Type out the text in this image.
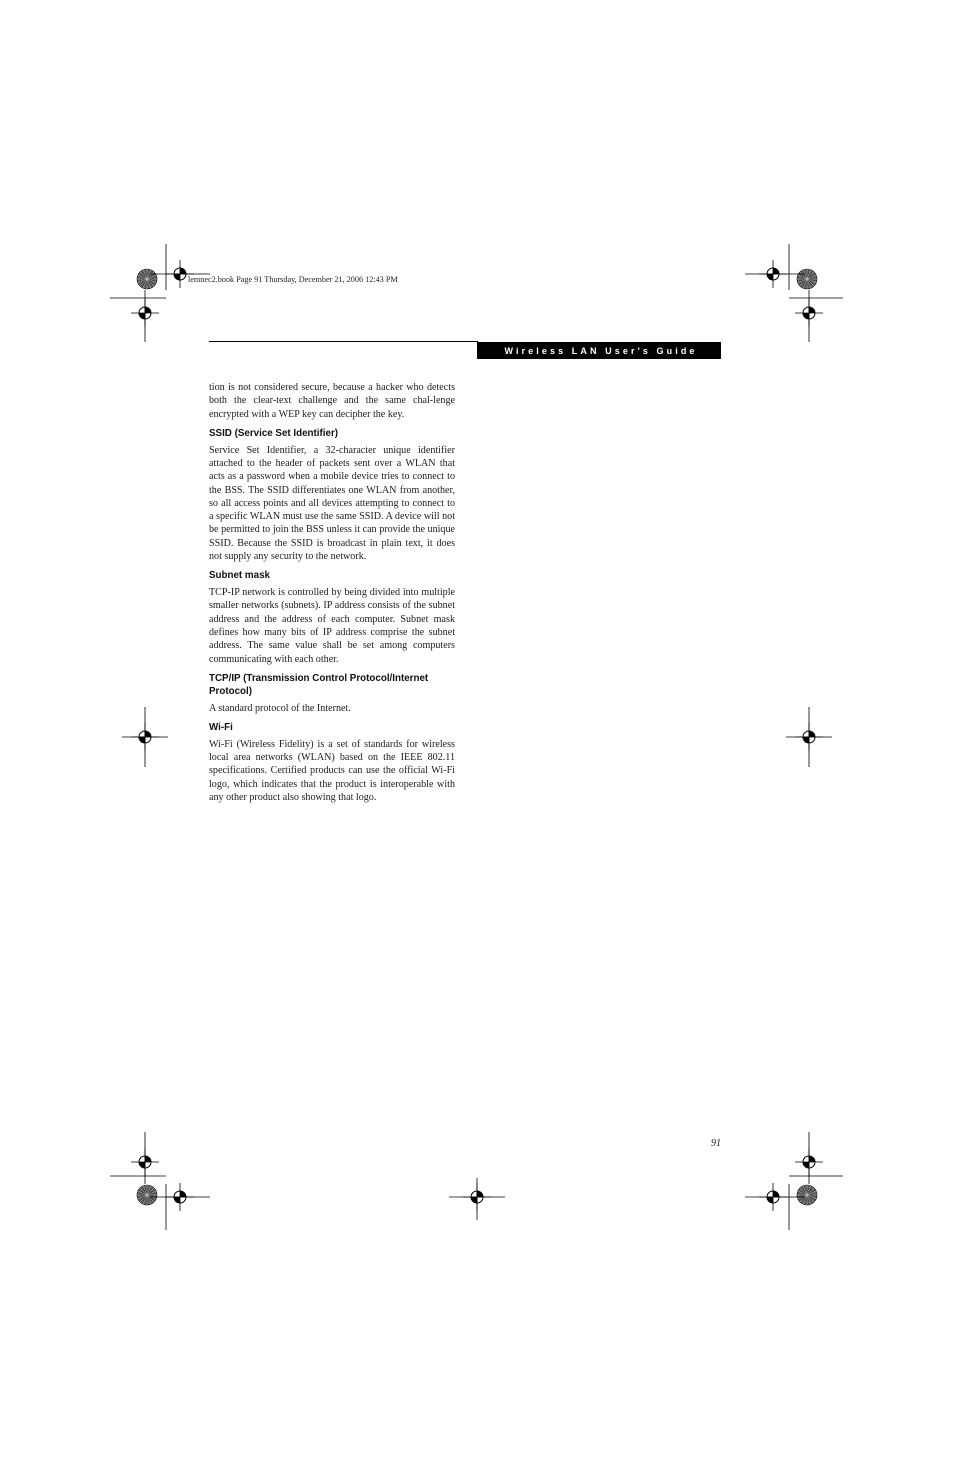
lemnec2.book Page 91 Thursday, December 21, 2006 12:43 PM
Wireless LAN User's Guide

tion is not considered secure, because a hacker who detects both the clear-text challenge and the same chal-lenge encrypted with a WEP key can decipher the key.

SSID (Service Set Identifier)

Service Set Identifier, a 32-character unique identifier attached to the header of packets sent over a WLAN that acts as a password when a mobile device tries to connect to the BSS. The SSID differentiates one WLAN from another, so all access points and all devices attempting to connect to a specific WLAN must use the same SSID. A device will not be permitted to join the BSS unless it can provide the unique SSID. Because the SSID is broadcast in plain text, it does not supply any security to the network.

Subnet mask

TCP-IP network is controlled by being divided into multiple smaller networks (subnets). IP address consists of the subnet address and the address of each computer. Subnet mask defines how many bits of IP address comprise the subnet address. The same value shall be set among computers communicating with each other.

TCP/IP (Transmission Control Protocol/Internet Protocol)

A standard protocol of the Internet.

Wi-Fi

Wi-Fi (Wireless Fidelity) is a set of standards for wireless local area networks (WLAN) based on the IEEE 802.11 specifications. Certified products can use the official Wi-Fi logo, which indicates that the product is interoperable with any other product also showing that logo.

91
